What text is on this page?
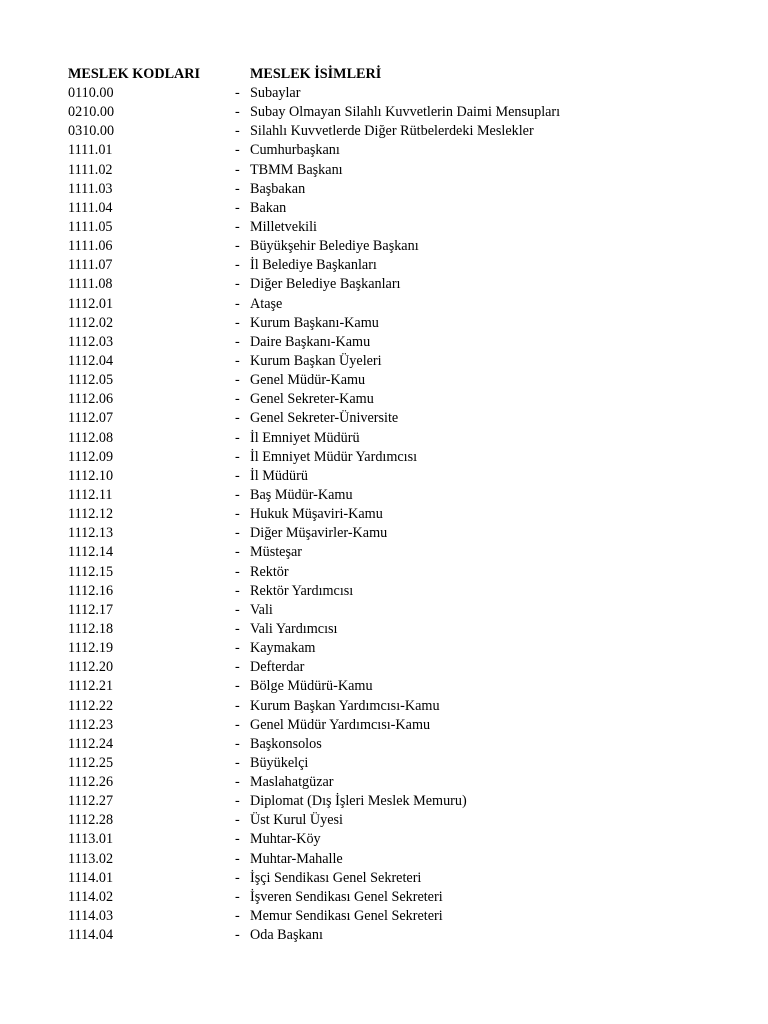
MESLEK KODLARI	MESLEK İSİMLERİ
0110.00	- Subaylar
0210.00	- Subay Olmayan Silahlı Kuvvetlerin Daimi Mensupları
0310.00	- Silahlı Kuvvetlerde Diğer Rütbelerdeki Meslekler
1111.01	- Cumhurbaşkanı
1111.02	- TBMM Başkanı
1111.03	- Başbakan
1111.04	- Bakan
1111.05	- Milletvekili
1111.06	- Büyükşehir Belediye Başkanı
1111.07	- İl Belediye Başkanları
1111.08	- Diğer Belediye Başkanları
1112.01	- Ataşe
1112.02	- Kurum Başkanı-Kamu
1112.03	- Daire Başkanı-Kamu
1112.04	- Kurum Başkan Üyeleri
1112.05	- Genel Müdür-Kamu
1112.06	- Genel Sekreter-Kamu
1112.07	- Genel Sekreter-Üniversite
1112.08	- İl Emniyet Müdürü
1112.09	- İl Emniyet Müdür Yardımcısı
1112.10	- İl Müdürü
1112.11	- Baş Müdür-Kamu
1112.12	- Hukuk Müşaviri-Kamu
1112.13	- Diğer Müşavirler-Kamu
1112.14	- Müsteşar
1112.15	- Rektör
1112.16	- Rektör Yardımcısı
1112.17	- Vali
1112.18	- Vali Yardımcısı
1112.19	- Kaymakam
1112.20	- Defterdar
1112.21	- Bölge Müdürü-Kamu
1112.22	- Kurum Başkan Yardımcısı-Kamu
1112.23	- Genel Müdür Yardımcısı-Kamu
1112.24	- Başkonsolos
1112.25	- Büyükelçi
1112.26	- Maslahatgüzar
1112.27	- Diplomat (Dış İşleri Meslek Memuru)
1112.28	- Üst Kurul Üyesi
1113.01	- Muhtar-Köy
1113.02	- Muhtar-Mahalle
1114.01	- İşçi Sendikası Genel Sekreteri
1114.02	- İşveren Sendikası Genel Sekreteri
1114.03	- Memur Sendikası Genel Sekreteri
1114.04	- Oda Başkanı
